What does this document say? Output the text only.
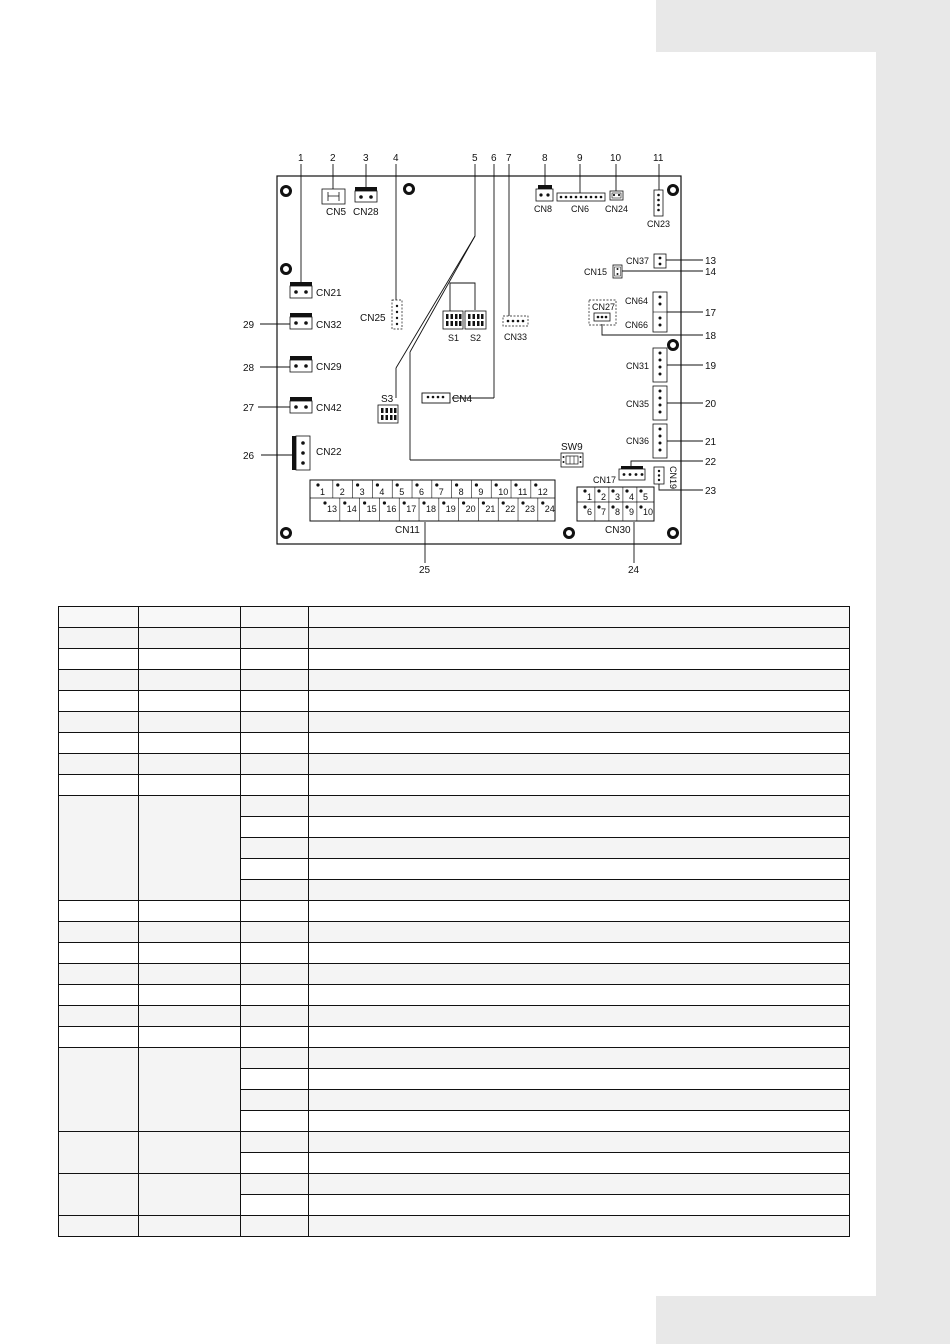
CN5 CN28	CN8 CN6 CN24
CN23
CN37
CN15
CN64
CN66
CN27
CN31
CN35
CN36
CN17	CN19
CN21
CN32
CN29
CN42
CN22
CN25
S1 S2	CN33
CN4
S3
SW9
1 2 3 4 5 6 7 8 9 10 11 12
13 14 15 16 17 18 19 20 21 22 23 24
CN11
1 2 3 4 5
6 7 8 9 10
CN30
1	2	3 4	5 6 7	8	9	10	11
13
14
17
18
19
20
21
22
23
24
25
26
27
28
29
